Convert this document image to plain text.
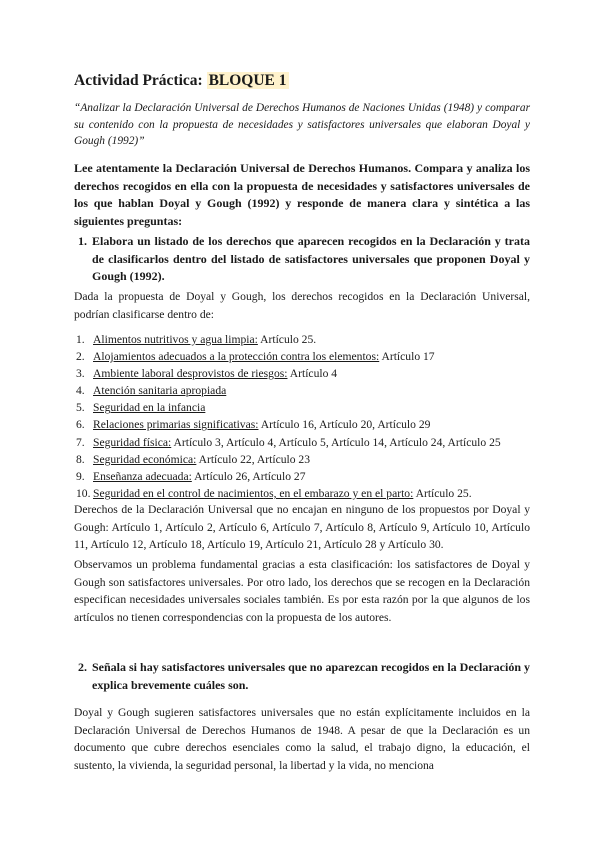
Actividad Práctica: BLOQUE 1
“Analizar la Declaración Universal de Derechos Humanos de Naciones Unidas (1948) y comparar su contenido con la propuesta de necesidades y satisfactores universales que elaboran Doyal y Gough (1992)”
Lee atentamente la Declaración Universal de Derechos Humanos. Compara y analiza los derechos recogidos en ella con la propuesta de necesidades y satisfactores universales de los que hablan Doyal y Gough (1992) y responde de manera clara y sintética a las siguientes preguntas:
1. Elabora un listado de los derechos que aparecen recogidos en la Declaración y trata de clasificarlos dentro del listado de satisfactores universales que proponen Doyal y Gough (1992).
Dada la propuesta de Doyal y Gough, los derechos recogidos en la Declaración Universal, podrían clasificarse dentro de:
1. Alimentos nutritivos y agua limpia: Artículo 25.
2. Alojamientos adecuados a la protección contra los elementos: Artículo 17
3. Ambiente laboral desprovistos de riesgos: Artículo 4
4. Atención sanitaria apropiada
5. Seguridad en la infancia
6. Relaciones primarias significativas: Artículo 16, Artículo 20, Artículo 29
7. Seguridad física: Artículo 3, Artículo 4, Artículo 5, Artículo 14, Artículo 24, Artículo 25
8. Seguridad económica: Artículo 22, Artículo 23
9. Enseñanza adecuada: Artículo 26, Artículo 27
10. Seguridad en el control de nacimientos, en el embarazo y en el parto: Artículo 25.
Derechos de la Declaración Universal que no encajan en ninguno de los propuestos por Doyal y Gough: Artículo 1, Artículo 2, Artículo 6, Artículo 7, Artículo 8, Artículo 9, Artículo 10, Artículo 11, Artículo 12, Artículo 18, Artículo 19, Artículo 21, Artículo 28 y Artículo 30.
Observamos un problema fundamental gracias a esta clasificación: los satisfactores de Doyal y Gough son satisfactores universales. Por otro lado, los derechos que se recogen en la Declaración especifican necesidades universales sociales también. Es por esta razón por la que algunos de los artículos no tienen correspondencias con la propuesta de los autores.
2. Señala si hay satisfactores universales que no aparezcan recogidos en la Declaración y explica brevemente cuáles son.
Doyal y Gough sugieren satisfactores universales que no están explícitamente incluidos en la Declaración Universal de Derechos Humanos de 1948. A pesar de que la Declaración es un documento que cubre derechos esenciales como la salud, el trabajo digno, la educación, el sustento, la vivienda, la seguridad personal, la libertad y la vida, no menciona
